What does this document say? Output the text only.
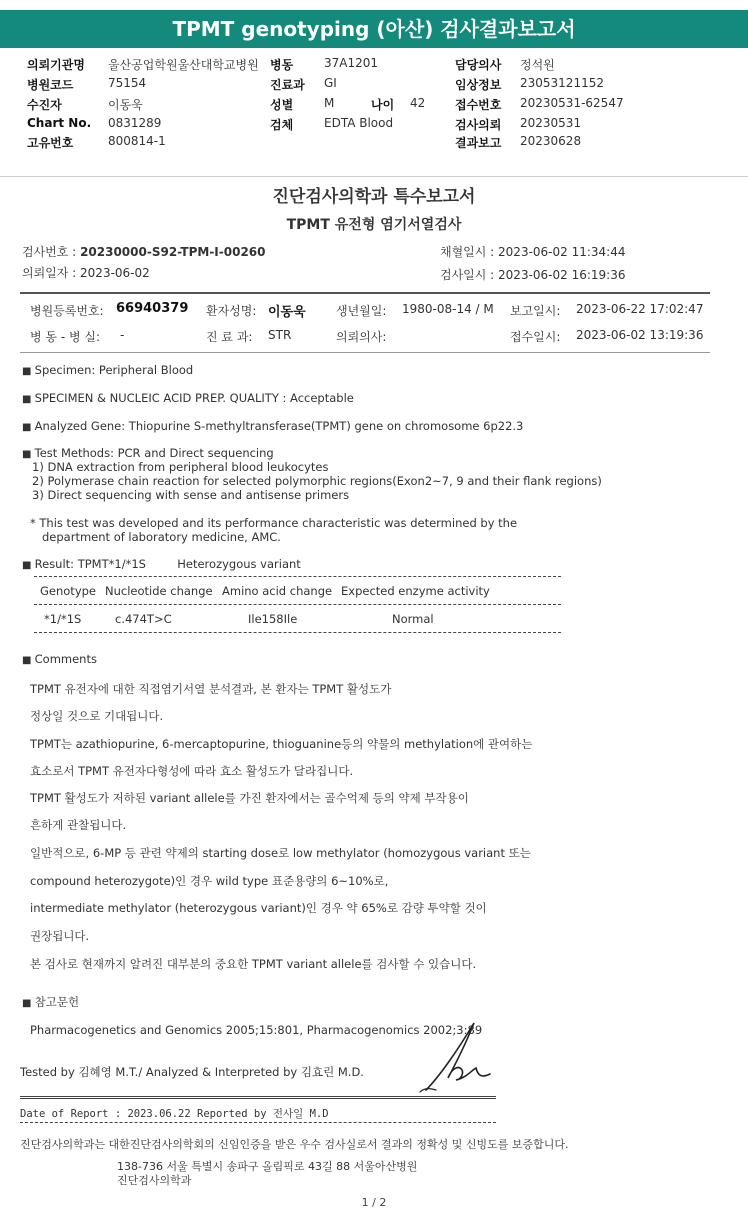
TPMT genotyping (아산) 검사결과보고서
의뢰기관명 울산공업학원울산대학교병원 병동	37A1201	담당의사 정석원
병원코드	75154	진료과 GI	임상정보 23053121152
수진자	이동욱	성별	M	나이 42 접수번호 20230531-62547
Chart No. 0831289	검체	EDTA Blood	검사의뢰 20230531
고유번호	800814-1	결과보고 20230628
진단검사의학과 특수보고서
TPMT 유전형 염기서열검사
검사번호 : 20230000-S92-TPM-I-00260
의뢰일자 : 2023-06-02
채혈일시 : 2023-06-02 11:34:44
검사일시 : 2023-06-02 16:19:36
병원등록번호: 66940379 환자성명: 이동욱	생년월일: 1980-08-14 / M 보고일시: 2023-06-22 17:02:47
병 동 - 병 실: -	진 료 과: STR	의뢰의사:	접수일시: 2023-06-02 13:19:36
■ Specimen: Peripheral Blood
■ SPECIMEN & NUCLEIC ACID PREP. QUALITY : Acceptable
■ Analyzed Gene: Thiopurine S-methyltransferase(TPMT) gene on chromosome 6p22.3
■ Test Methods: PCR and Direct sequencing
1) DNA extraction from peripheral blood leukocytes
2) Polymerase chain reaction for selected polymorphic regions(Exon2~7, 9 and their flank regions)
3) Direct sequencing with sense and antisense primers
* This test was developed and its performance characteristic was determined by the
department of laboratory medicine, AMC.
■ Result: TPMT*1/*1S	Heterozygous variant
Genotype Nucleotide change Amino acid change Expected enzyme activity
*1/*1S	c.474T>C	Ile158Ile	Normal
■ Comments
TPMT 유전자에 대한 직접염기서열 분석결과, 본 환자는 TPMT 활성도가
정상일 것으로 기대됩니다.
TPMT는 azathiopurine, 6-mercaptopurine, thioguanine등의 약물의 methylation에 관여하는
효소로서 TPMT 유전자다형성에 따라 효소 활성도가 달라집니다.
TPMT 활성도가 저하된 variant allele를 가진 환자에서는 골수억제 등의 약제 부작용이
흔하게 관찰됩니다.
일반적으로, 6-MP 등 관련 약제의 starting dose로 low methylator (homozygous variant 또는
compound heterozygote)인 경우 wild type 표준용량의 6~10%로,
intermediate methylator (heterozygous variant)인 경우 약 65%로 감량 투약할 것이
권장됩니다.
본 검사로 현재까지 알려진 대부분의 중요한 TPMT variant allele를 검사할 수 있습니다.
■ 참고문헌
Pharmacogenetics and Genomics 2005;15:801, Pharmacogenomics 2002;3:89
Tested by 김혜영 M.T./ Analyzed & Interpreted by 김효린 M.D.
Date of Report : 2023.06.22 Reported by 전사일 M.D
진단검사의학과는 대한진단검사의학회의 신임인증을 받은 우수 검사실로서 결과의 정확성 및 신빙도를 보증합니다.
138-736 서울 특별시 송파구 올림픽로 43길 88 서울아산병원
진단검사의학과
1 / 2
